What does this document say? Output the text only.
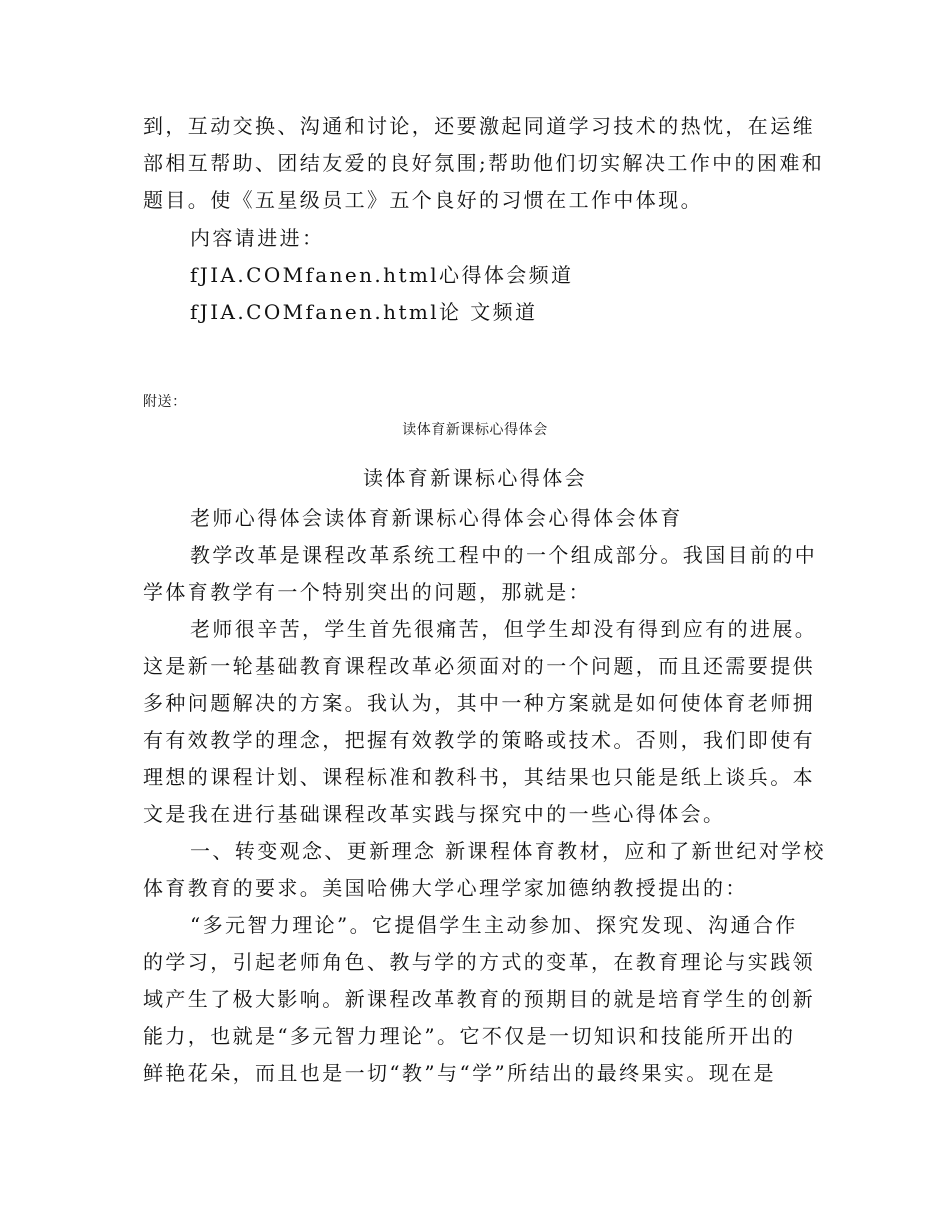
到，互动交换、沟通和讨论，还要激起同道学习技术的热忱，在运维
部相互帮助、团结友爱的良好氛围;帮助他们切实解决工作中的困难和
题目。使《五星级员工》五个良好的习惯在工作中体现。
内容请进进：
fJIA.COMfanen.html心得体会频道
fJIA.COMfanen.html论 文频道
附送：
读体育新课标心得体会
读体育新课标心得体会
老师心得体会读体育新课标心得体会心得体会体育
教学改革是课程改革系统工程中的一个组成部分。我国目前的中
学体育教学有一个特别突出的问题，那就是：
老师很辛苦，学生首先很痛苦，但学生却没有得到应有的进展。
这是新一轮基础教育课程改革必须面对的一个问题，而且还需要提供
多种问题解决的方案。我认为，其中一种方案就是如何使体育老师拥
有有效教学的理念，把握有效教学的策略或技术。否则，我们即使有
理想的课程计划、课程标准和教科书，其结果也只能是纸上谈兵。本
文是我在进行基础课程改革实践与探究中的一些心得体会。
一、转变观念、更新理念 新课程体育教材，应和了新世纪对学校
体育教育的要求。美国哈佛大学心理学家加德纳教授提出的：
“多元智力理论”。它提倡学生主动参加、探究发现、沟通合作
的学习，引起老师角色、教与学的方式的变革，在教育理论与实践领
域产生了极大影响。新课程改革教育的预期目的就是培育学生的创新
能力，也就是“多元智力理论”。它不仅是一切知识和技能所开出的
鲜艳花朵，而且也是一切“教”与“学”所结出的最终果实。现在是
